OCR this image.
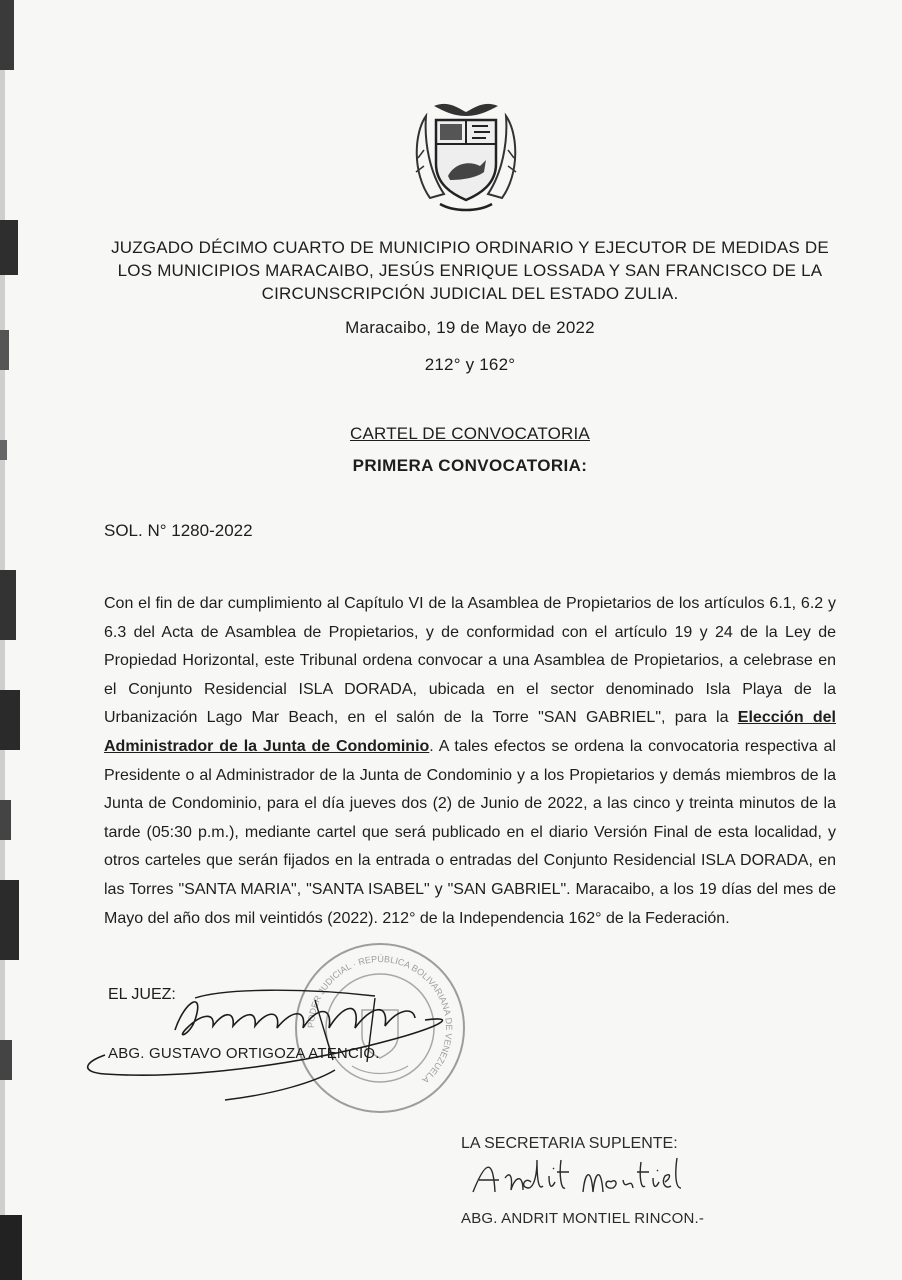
JUZGADO DÉCIMO CUARTO DE MUNICIPIO ORDINARIO Y EJECUTOR DE MEDIDAS DE
LOS MUNICIPIOS MARACAIBO, JESÚS ENRIQUE LOSSADA Y SAN FRANCISCO DE LA
CIRCUNSCRIPCIÓN JUDICIAL DEL ESTADO ZULIA.
Maracaibo, 19 de Mayo de 2022
212° y 162°
CARTEL DE CONVOCATORIA
PRIMERA CONVOCATORIA:
SOL. N° 1280-2022

Con el fin de dar cumplimiento al Capítulo VI de la Asamblea de Propietarios de los artículos 6.1, 6.2 y 6.3 del Acta de Asamblea de Propietarios, y de conformidad con el artículo 19 y 24 de la Ley de Propiedad Horizontal, este Tribunal ordena convocar a una Asamblea de Propietarios, a celebrase en el Conjunto Residencial ISLA DORADA, ubicada en el sector denominado Isla Playa de la Urbanización Lago Mar Beach, en el salón de la Torre "SAN GABRIEL", para la Elección del Administrador de la Junta de Condominio. A tales efectos se ordena la convocatoria respectiva al Presidente o al Administrador de la Junta de Condominio y a los Propietarios y demás miembros de la Junta de Condominio, para el día jueves dos (2) de Junio de 2022, a las cinco y treinta minutos de la tarde (05:30 p.m.), mediante cartel que será publicado en el diario Versión Final de esta localidad, y otros carteles que serán fijados en la entrada o entradas del Conjunto Residencial ISLA DORADA, en las Torres "SANTA MARIA", "SANTA ISABEL" y "SAN GABRIEL". Maracaibo, a los 19 días del mes de Mayo del año dos mil veintidós (2022). 212° de la Independencia 162° de la Federación.

PODER JUDICIAL · REPÚBLICA BOLIVARIANA DE VENEZUELA
EL JUEZ:
ABG. GUSTAVO ORTIGOZA ATENCIO.
LA SECRETARIA SUPLENTE:
ABG. ANDRIT MONTIEL RINCON.-
